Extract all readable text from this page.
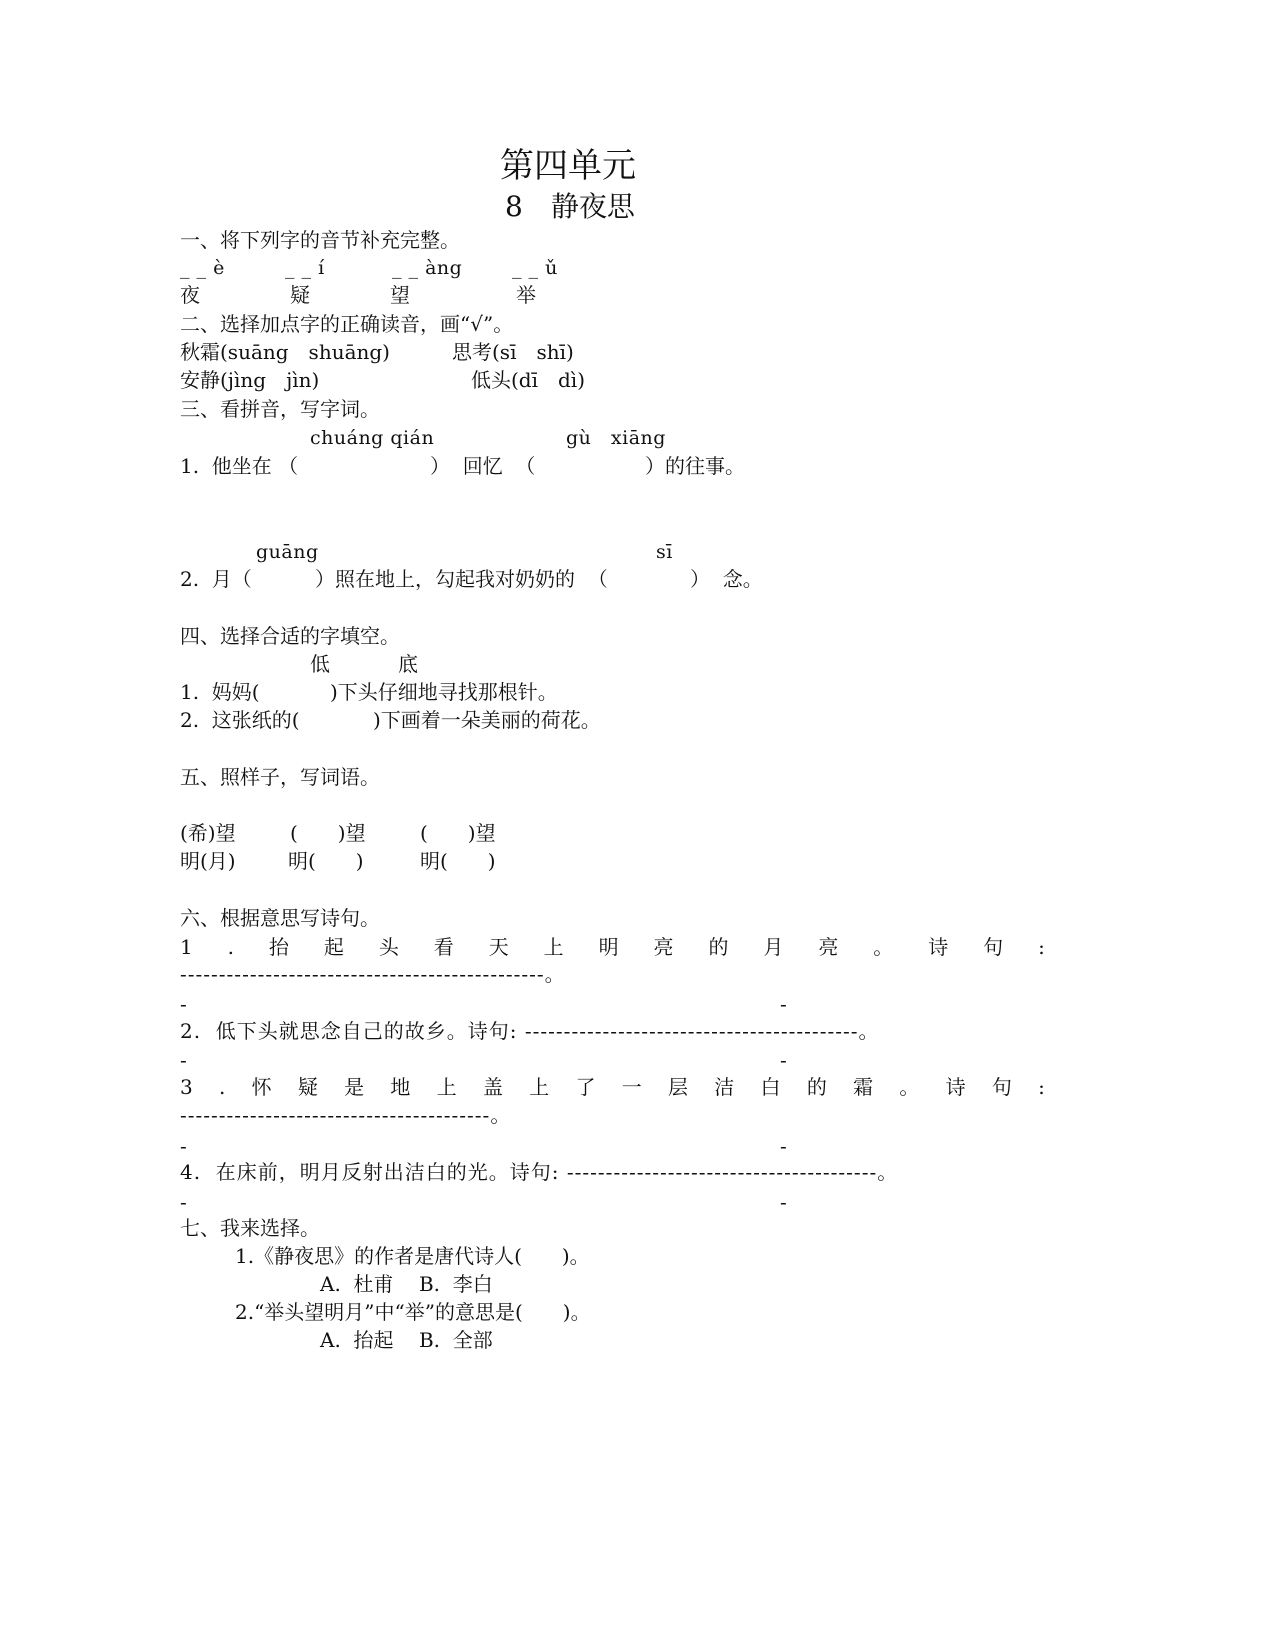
第四单元
8　静夜思
一、将下列字的音节补充完整。
_ _ è	_ _ í	_ _ àng	_ _ ǔ
夜	疑	望	举
二、选择加点字的正确读音，画“√”。
秋霜(suāng　shuāng)	思考(sī　shī)
安静(jìng　jìn)	低头(dī　dì)
三、看拼音，写字词。
chuáng qián	gù　xiāng
1.  他坐在 （	）  回忆  （	）的往事。
guāng	sī
2.  月（	）照在地上，勾起我对奶奶的  （	）  念。
四、选择合适的字填空。
低	底
1.  妈妈(	)下头仔细地寻找那根针。
2.  这张纸的(	)下画着一朵美丽的荷花。
五、照样子，写词语。
(希)望	(　　)望	(　　)望
明(月)	明(　　)	明(　　)
六、根据意思写诗句。
1 . 抬 起 头 看 天 上 明 亮 的 月 亮 。 诗 句 :
-----------------------------------------------。
-	-
2.  低下头就思念自己的故乡。诗句: -------------------------------------------。
-	-
3 . 怀 疑 是 地 上 盖 上 了 一 层 洁 白 的 霜 。 诗 句 :
----------------------------------------。
-	-
4.  在床前，明月反射出洁白的光。诗句: ----------------------------------------。
-	-
七、我来选择。
1.《静夜思》的作者是唐代诗人(　　)。
A.  杜甫    B.  李白
2.“举头望明月”中“举”的意思是(　　)。
A.  抬起    B.  全部
